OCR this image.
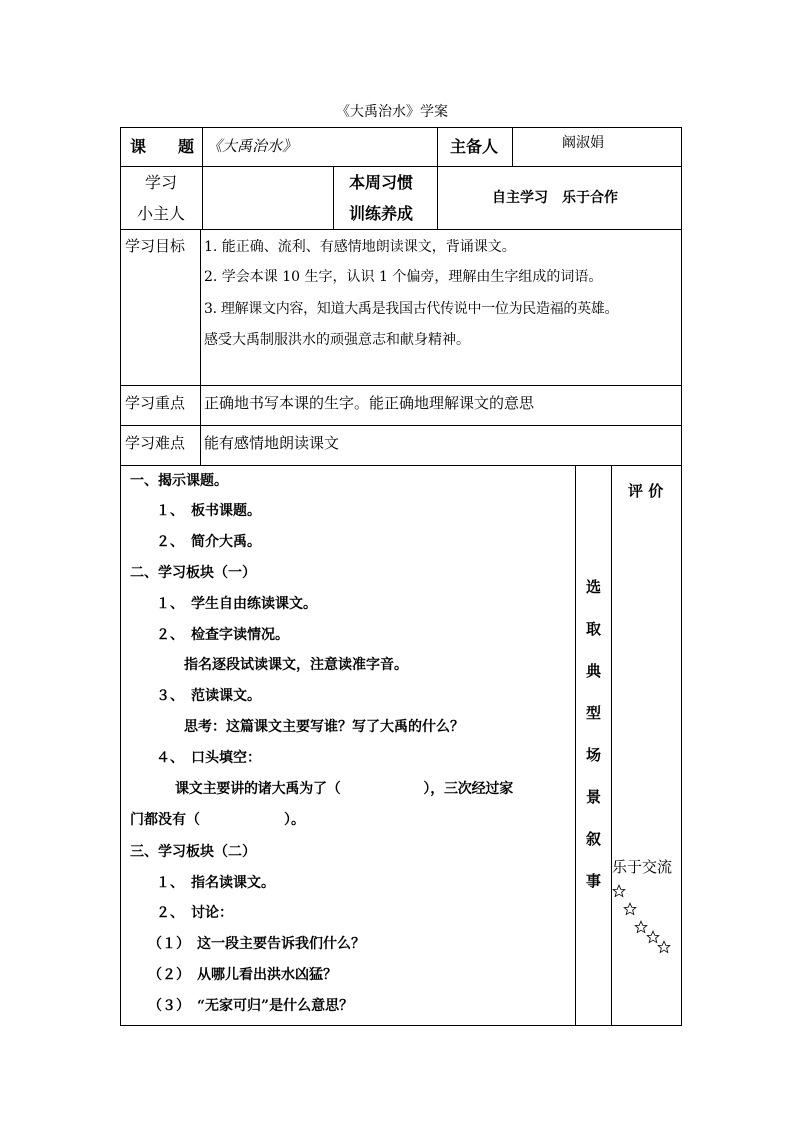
《大禹治水》学案
课　　题 《大禹治水》	主备人	阚淑娟
学习
小主人
本周习惯
训练养成
自主学习　乐于合作
学习目标 1. 能正确、流利、有感情地朗读课文，背诵课文。
2. 学会本课 10 生字，认识 1 个偏旁，理解由生字组成的词语。
3. 理解课文内容，知道大禹是我国古代传说中一位为民造福的英雄。
感受大禹制服洪水的顽强意志和献身精神。
学习重点 正确地书写本课的生字。能正确地理解课文的意思
学习难点 能有感情地朗读课文
一、揭示课题。
１、　板书课题。
２、　简介大禹。
二、学习板块（一）
１、　学生自由练读课文。
２、　检查字读情况。
指名逐段试读课文，注意读准字音。
３、　范读课文。
思考：这篇课文主要写谁？写了大禹的什么？
４、　口头填空：
课文主要讲的诸大禹为了（　　　　　　），三次经过家
门都没有（　　　　　　）。
三、学习板块（二）
１、　指名读课文。
２、　讨论：
（１）　这一段主要告诉我们什么？
（２）　从哪儿看出洪水凶猛？
（３）　“无家可归”是什么意思？
选
取
典
型
场
景
叙
事
评 价
乐于交流
